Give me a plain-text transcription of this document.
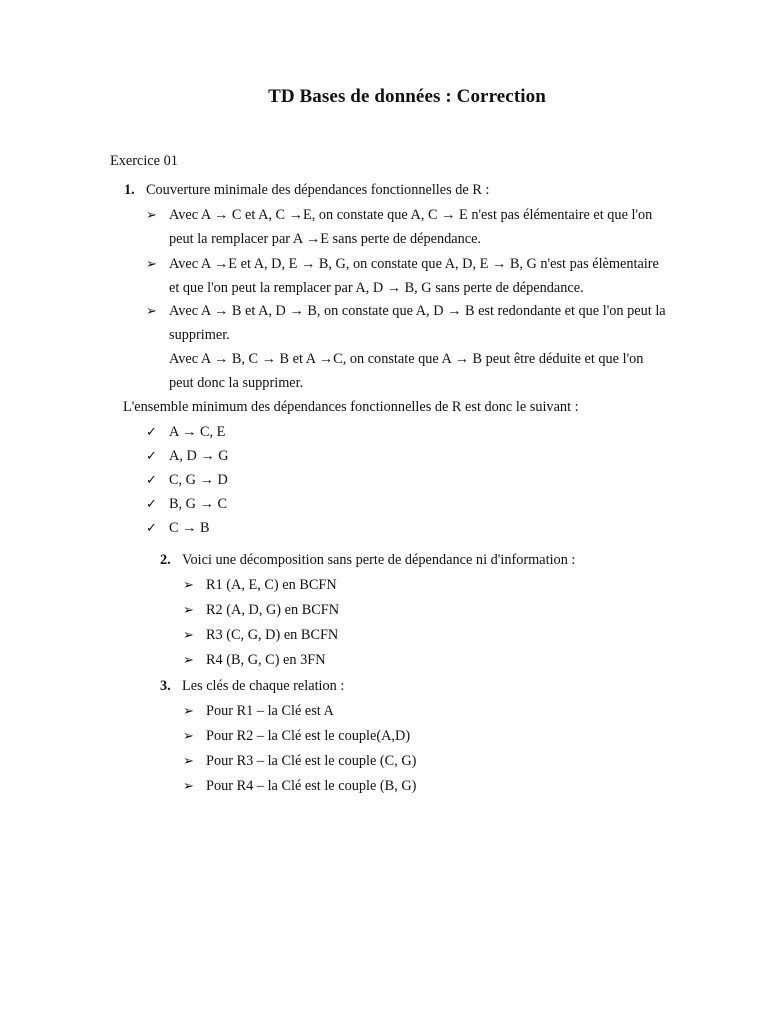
TD Bases de données : Correction
Exercice 01
1. Couverture minimale des dépendances fonctionnelles de R :
➢ Avec A → C et A, C →E, on constate que A, C → E n'est pas élémentaire et que l'on
peut la remplacer par A →E sans perte de dépendance.
➢ Avec A →E et A, D, E → B, G, on constate que A, D, E → B, G n'est pas élèmentaire
et que l'on peut la remplacer par A, D → B, G sans perte de dépendance.
➢ Avec A → B et A, D → B, on constate que A, D → B est redondante et que l'on peut la
supprimer.
Avec A → B, C → B et A →C, on constate que A → B peut être déduite et que l'on
peut donc la supprimer.
L'ensemble minimum des dépendances fonctionnelles de R est donc le suivant :
✓ A → C, E
✓ A, D → G
✓ C, G → D
✓ B, G → C
✓ C → B
2. Voici une décomposition sans perte de dépendance ni d'information :
➢ R1 (A, E, C) en BCFN
➢ R2 (A, D, G) en BCFN
➢ R3 (C, G, D) en BCFN
➢ R4 (B, G, C) en 3FN
3. Les clés de chaque relation :
➢ Pour R1 – la Clé est A
➢ Pour R2 – la Clé est le couple(A,D)
➢ Pour R3 – la Clé est le couple (C, G)
➢ Pour R4 – la Clé est le couple (B, G)
